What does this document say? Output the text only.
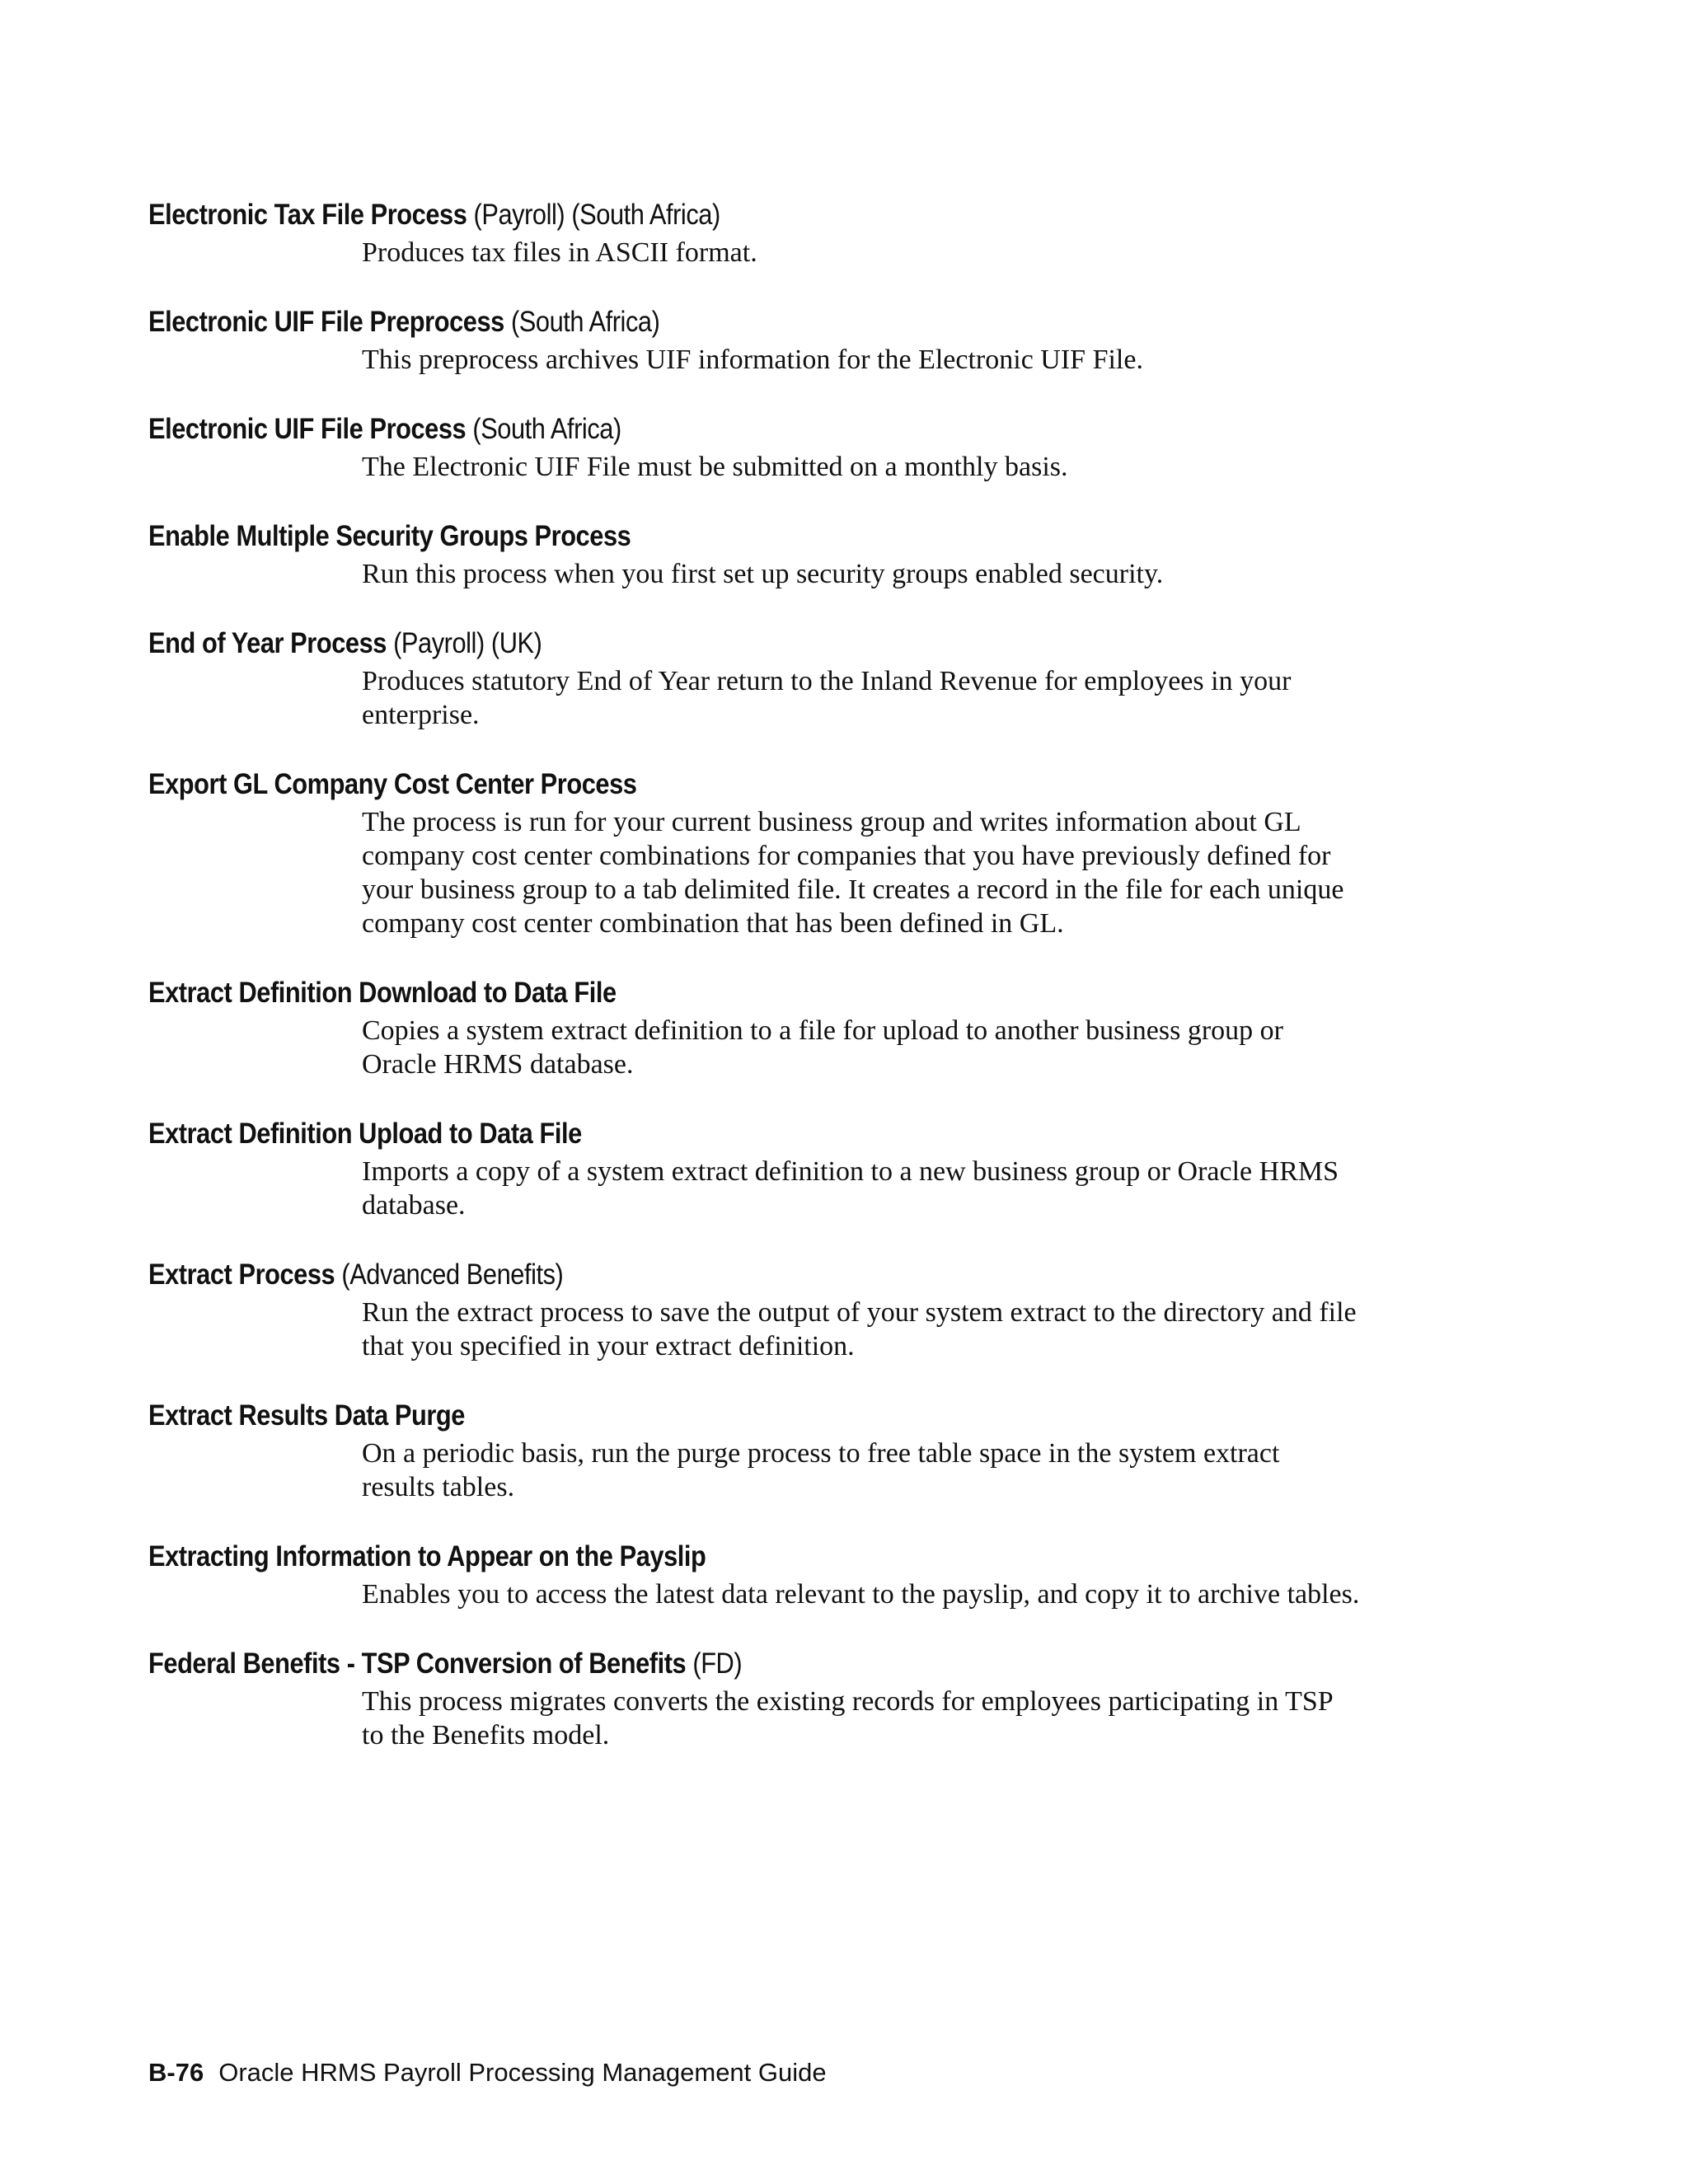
Electronic Tax File Process (Payroll) (South Africa)
Produces tax files in ASCII format.
Electronic UIF File Preprocess (South Africa)
This preprocess archives UIF information for the Electronic UIF File.
Electronic UIF File Process (South Africa)
The Electronic UIF File must be submitted on a monthly basis.
Enable Multiple Security Groups Process
Run this process when you first set up security groups enabled security.
End of Year Process (Payroll) (UK)
Produces statutory End of Year return to the Inland Revenue for employees in your
enterprise.
Export GL Company Cost Center Process
The process is run for your current business group and writes information about GL
company cost center combinations for companies that you have previously defined for
your business group to a tab delimited file. It creates a record in the file for each unique
company cost center combination that has been defined in GL.
Extract Definition Download to Data File
Copies a system extract definition to a file for upload to another business group or
Oracle HRMS database.
Extract Definition Upload to Data File
Imports a copy of a system extract definition to a new business group or Oracle HRMS
database.
Extract Process (Advanced Benefits)
Run the extract process to save the output of your system extract to the directory and file
that you specified in your extract definition.
Extract Results Data Purge
On a periodic basis, run the purge process to free table space in the system extract
results tables.
Extracting Information to Appear on the Payslip
Enables you to access the latest data relevant to the payslip, and copy it to archive tables.
Federal Benefits - TSP Conversion of Benefits (FD)
This process migrates converts the existing records for employees participating in TSP
to the Benefits model.
B-76 Oracle HRMS Payroll Processing Management Guide
